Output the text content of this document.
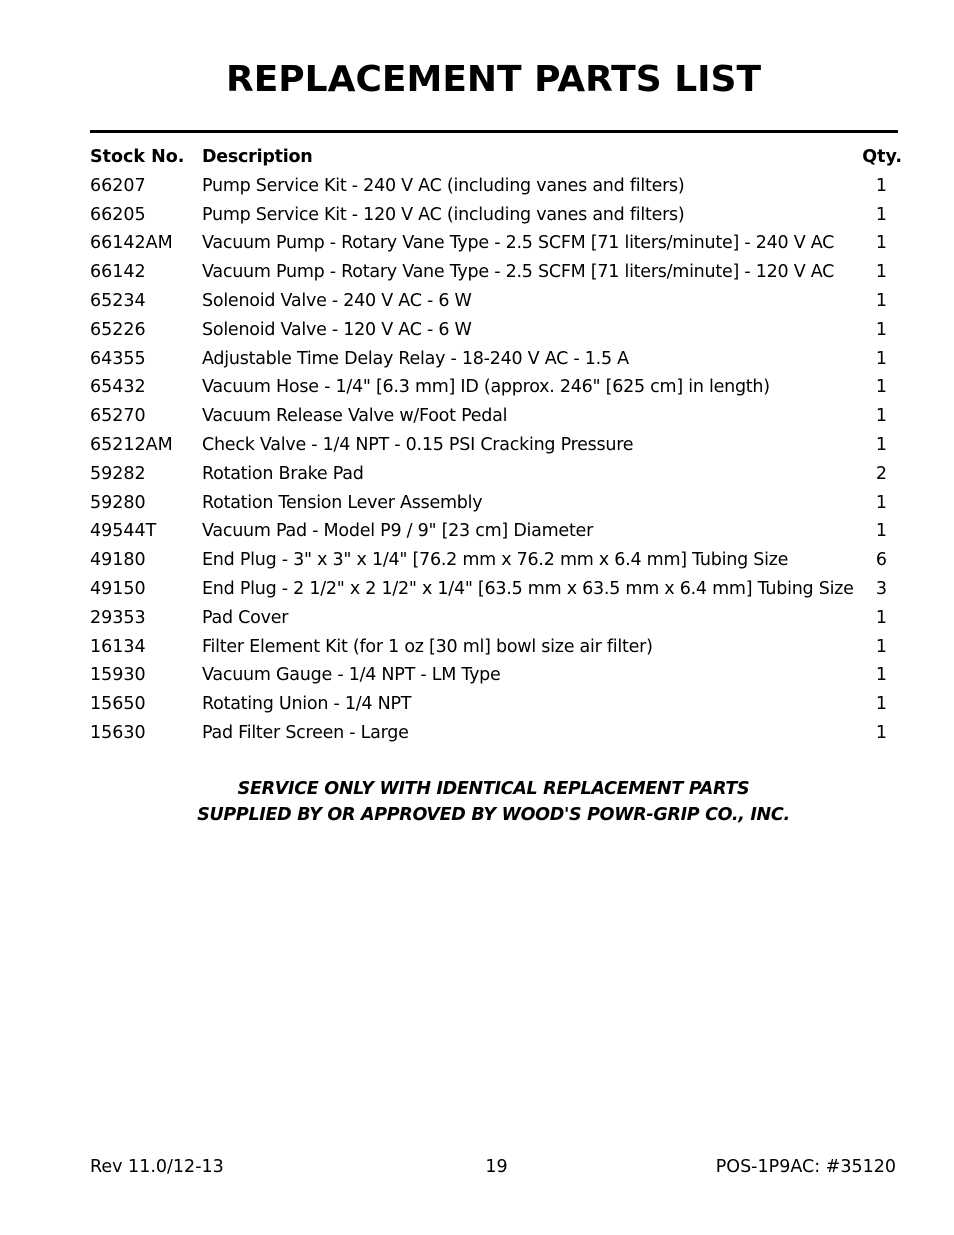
REPLACEMENT PARTS LIST
Stock No. Description	Qty.
66207	Pump Service Kit - 240 V AC (including vanes and filters)	1
66205	Pump Service Kit - 120 V AC (including vanes and filters)	1
66142AM Vacuum Pump - Rotary Vane Type - 2.5 SCFM [71 liters/minute] - 240 V AC 1
66142	Vacuum Pump - Rotary Vane Type - 2.5 SCFM [71 liters/minute] - 120 V AC 1
65234	Solenoid Valve - 240 V AC - 6 W	1
65226	Solenoid Valve - 120 V AC - 6 W	1
64355	Adjustable Time Delay Relay - 18-240 V AC - 1.5 A	1
65432	Vacuum Hose - 1/4" [6.3 mm] ID (approx. 246" [625 cm] in length)	1
65270	Vacuum Release Valve w/Foot Pedal	1
65212AM Check Valve - 1/4 NPT - 0.15 PSI Cracking Pressure	1
59282	Rotation Brake Pad	2
59280	Rotation Tension Lever Assembly	1
49544T	Vacuum Pad - Model P9 / 9" [23 cm] Diameter	1
49180	End Plug - 3" x 3" x 1/4" [76.2 mm x 76.2 mm x 6.4 mm] Tubing Size	6
49150	End Plug - 2 1/2" x 2 1/2" x 1/4" [63.5 mm x 63.5 mm x 6.4 mm] Tubing Size 3
29353	Pad Cover	1
16134	Filter Element Kit (for 1 oz [30 ml] bowl size air filter)	1
15930	Vacuum Gauge - 1/4 NPT - LM Type	1
15650	Rotating Union - 1/4 NPT	1
15630	Pad Filter Screen - Large	1
SERVICE ONLY WITH IDENTICAL REPLACEMENT PARTS
SUPPLIED BY OR APPROVED BY WOOD'S POWR-GRIP CO., INC.
Rev 11.0/12-13	19	POS-1P9AC: #35120
